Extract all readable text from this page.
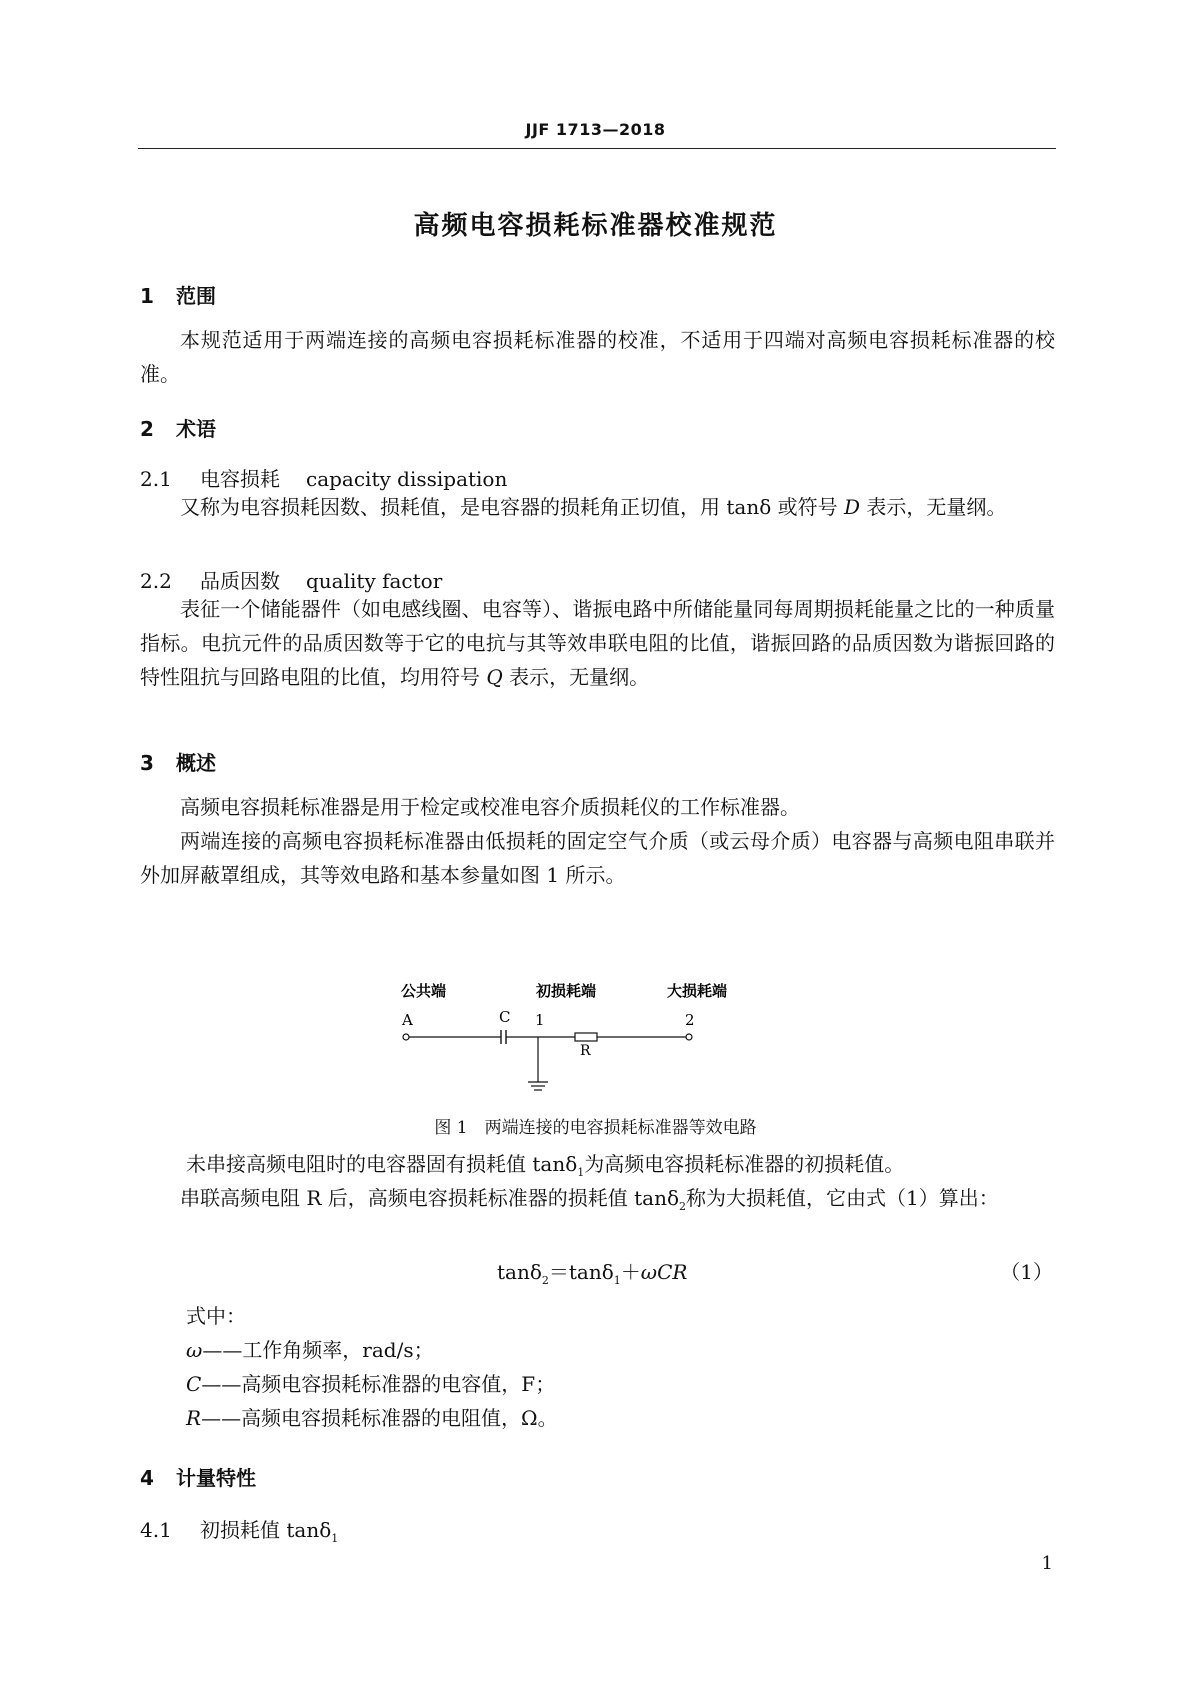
JJF 1713—2018
高频电容损耗标准器校准规范
1 范围
本规范适用于两端连接的高频电容损耗标准器的校准，不适用于四端对高频电容损耗标准器的校准。
2 术语
2.1 电容损耗 capacity dissipation
又称为电容损耗因数、损耗值，是电容器的损耗角正切值，用 tanδ 或符号 D 表示，无量纲。
2.2 品质因数 quality factor
表征一个储能器件（如电感线圈、电容等）、谐振电路中所储能量同每周期损耗能量之比的一种质量指标。电抗元件的品质因数等于它的电抗与其等效串联电阻的比值，谐振回路的品质因数为谐振回路的特性阻抗与回路电阻的比值，均用符号 Q 表示，无量纲。
3 概述
高频电容损耗标准器是用于检定或校准电容介质损耗仪的工作标准器。
两端连接的高频电容损耗标准器由低损耗的固定空气介质（或云母介质）电容器与高频电阻串联并外加屏蔽罩组成，其等效电路和基本参量如图 1 所示。
公共端	初损耗端	大损耗端
A	C 1	2
R
图 1　两端连接的电容损耗标准器等效电路
未串接高频电阻时的电容器固有损耗值 tanδ$_1$为高频电容损耗标准器的初损耗值。
串联高频电阻 R 后，高频电容损耗标准器的损耗值 tanδ$_2$称为大损耗值，它由式（1）算出：
tanδ$_2$＝tanδ$_1$＋ωCR	（1）
式中：
ω——工作角频率，rad/s；
C——高频电容损耗标准器的电容值，F；
R——高频电容损耗标准器的电阻值，Ω。
4 计量特性
4.1 初损耗值 tanδ$_1$
1
